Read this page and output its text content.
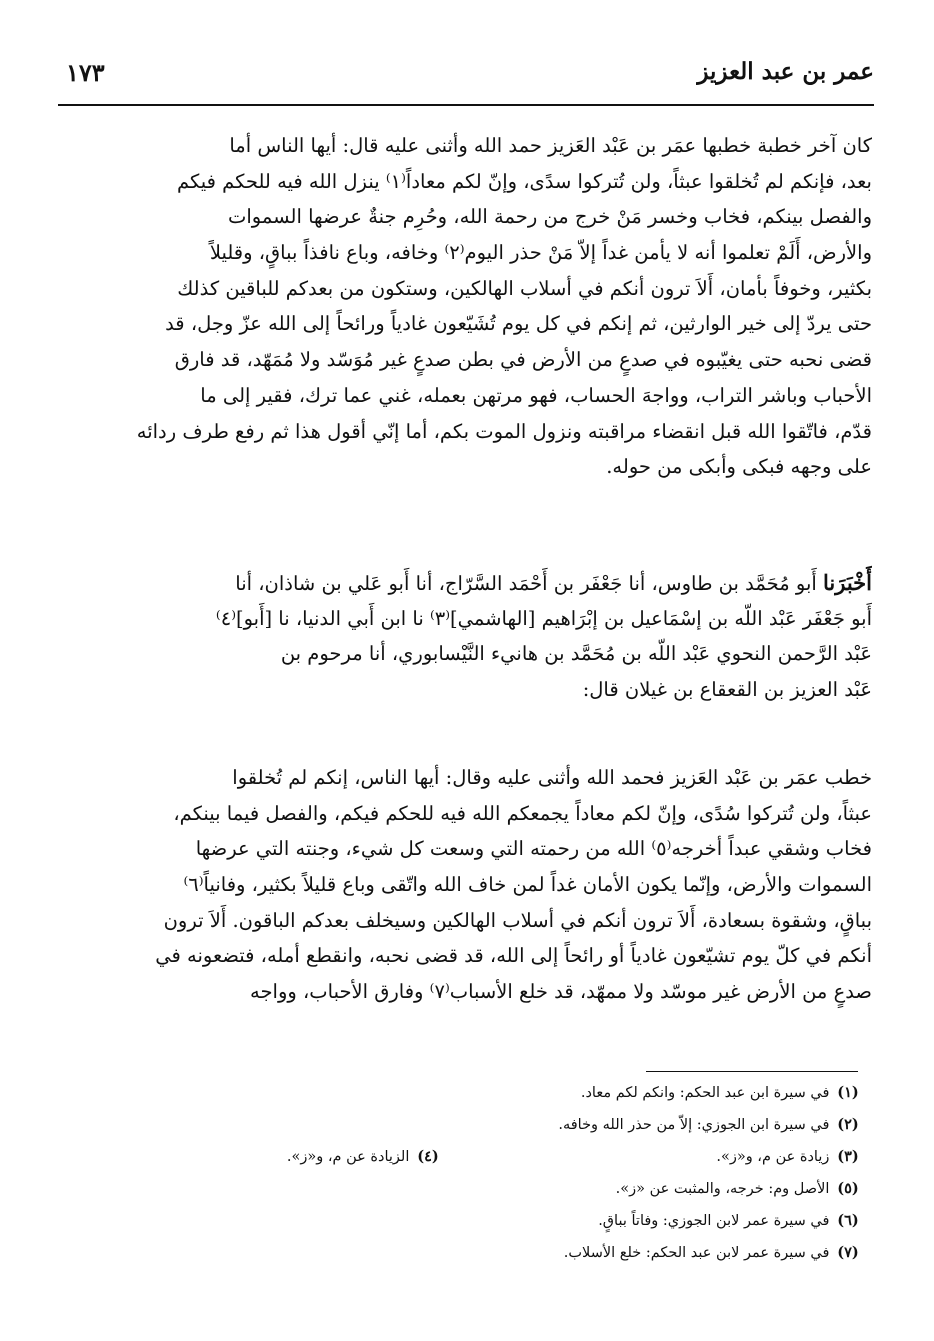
عمر بن عبد العزيز
١٧٣
كان آخر خطبة خطبها عمَر بن عَبْد العَزيز حمد الله وأثنى عليه قال: أيها الناس أما
بعد، فإنكم لم تُخلقوا عبثاً، ولن تُتركوا سدًى، وإنّ لكم معاداً⁽١⁾ ينزل الله فيه للحكم فيكم
والفصل بينكم، فخاب وخسر مَنْ خرج من رحمة الله، وحُرِم جنةٌ عرضها السموات
والأرض، أَلَمْ تعلموا أنه لا يأمن غداً إلاّ مَنْ حذر اليوم⁽٢⁾ وخافه، وباع نافذاً بباقٍ، وقليلاً
بكثير، وخوفاً بأمان، أَلاَ ترون أنكم في أسلاب الهالكين، وستكون من بعدكم للباقين كذلك
حتى يردّ إلى خير الوارثين، ثم إنكم في كل يوم تُشَيّعون غادياً ورائحاً إلى الله عزّ وجل، قد
قضى نحبه حتى يغيّبوه في صدعٍ من الأرض في بطن صدعٍ غير مُوَسّد ولا مُمَهّد، قد فارق
الأحباب وباشر التراب، وواجهَ الحساب، فهو مرتهن بعمله، غني عما ترك، فقير إلى ما
قدّم، فاتّقوا الله قبل انقضاء مراقبته ونزول الموت بكم، أما إنّي أقول هذا ثم رفع طرف ردائه
على وجهه فبكى وأبكى من حوله.
أَخْبَرَنا أَبو مُحَمَّد بن طاوس، أنا جَعْفَر بن أَحْمَد السَّرّاج، أنا أَبو عَلي بن شاذان، أنا
أَبو جَعْفَر عَبْد اللّه بن إسْمَاعيل بن إبْرَاهيم [الهاشمي]⁽٣⁾ نا ابن أَبي الدنيا، نا [أَبو]⁽٤⁾
عَبْد الرَّحمن النحوي عَبْد اللّه بن مُحَمَّد بن هانيء النَّيْسابوري، أنا مرحوم بن
عَبْد العزيز بن القعقاع بن غيلان قال:
خطب عمَر بن عَبْد العَزيز فحمد الله وأثنى عليه وقال: أيها الناس، إنكم لم تُخلقوا
عبثاً، ولن تُتركوا سُدًى، وإنّ لكم معاداً يجمعكم الله فيه للحكم فيكم، والفصل فيما بينكم،
فخاب وشقي عبداً أخرجه⁽٥⁾ الله من رحمته التي وسعت كل شيء، وجنته التي عرضها
السموات والأرض، وإنّما يكون الأمان غداً لمن خاف الله واتّقى وباع قليلاً بكثير، وفانياً⁽٦⁾
بباقٍ، وشقوة بسعادة، أَلاَ ترون أنكم في أسلاب الهالكين وسيخلف بعدكم الباقون. أَلاَ ترون
أنكم في كلّ يوم تشيّعون غادياً أو رائحاً إلى الله، قد قضى نحبه، وانقطع أمله، فتضعونه في
صدعٍ من الأرض غير موسّد ولا ممهّد، قد خلع الأسباب⁽٧⁾ وفارق الأحباب، وواجه
(١) في سيرة ابن عبد الحكم: وانكم لكم معاد.
(٢) في سيرة ابن الجوزي: إلاّ من حذر الله وخافه.
(٣) زيادة عن م، و«ز».
(٤) الزيادة عن م، و«ز».
(٥) الأصل وم: خرجه، والمثبت عن «ز».
(٦) في سيرة عمر لابن الجوزي: وفاتاً بباقٍ.
(٧) في سيرة عمر لابن عبد الحكم: خلع الأسلاب.
